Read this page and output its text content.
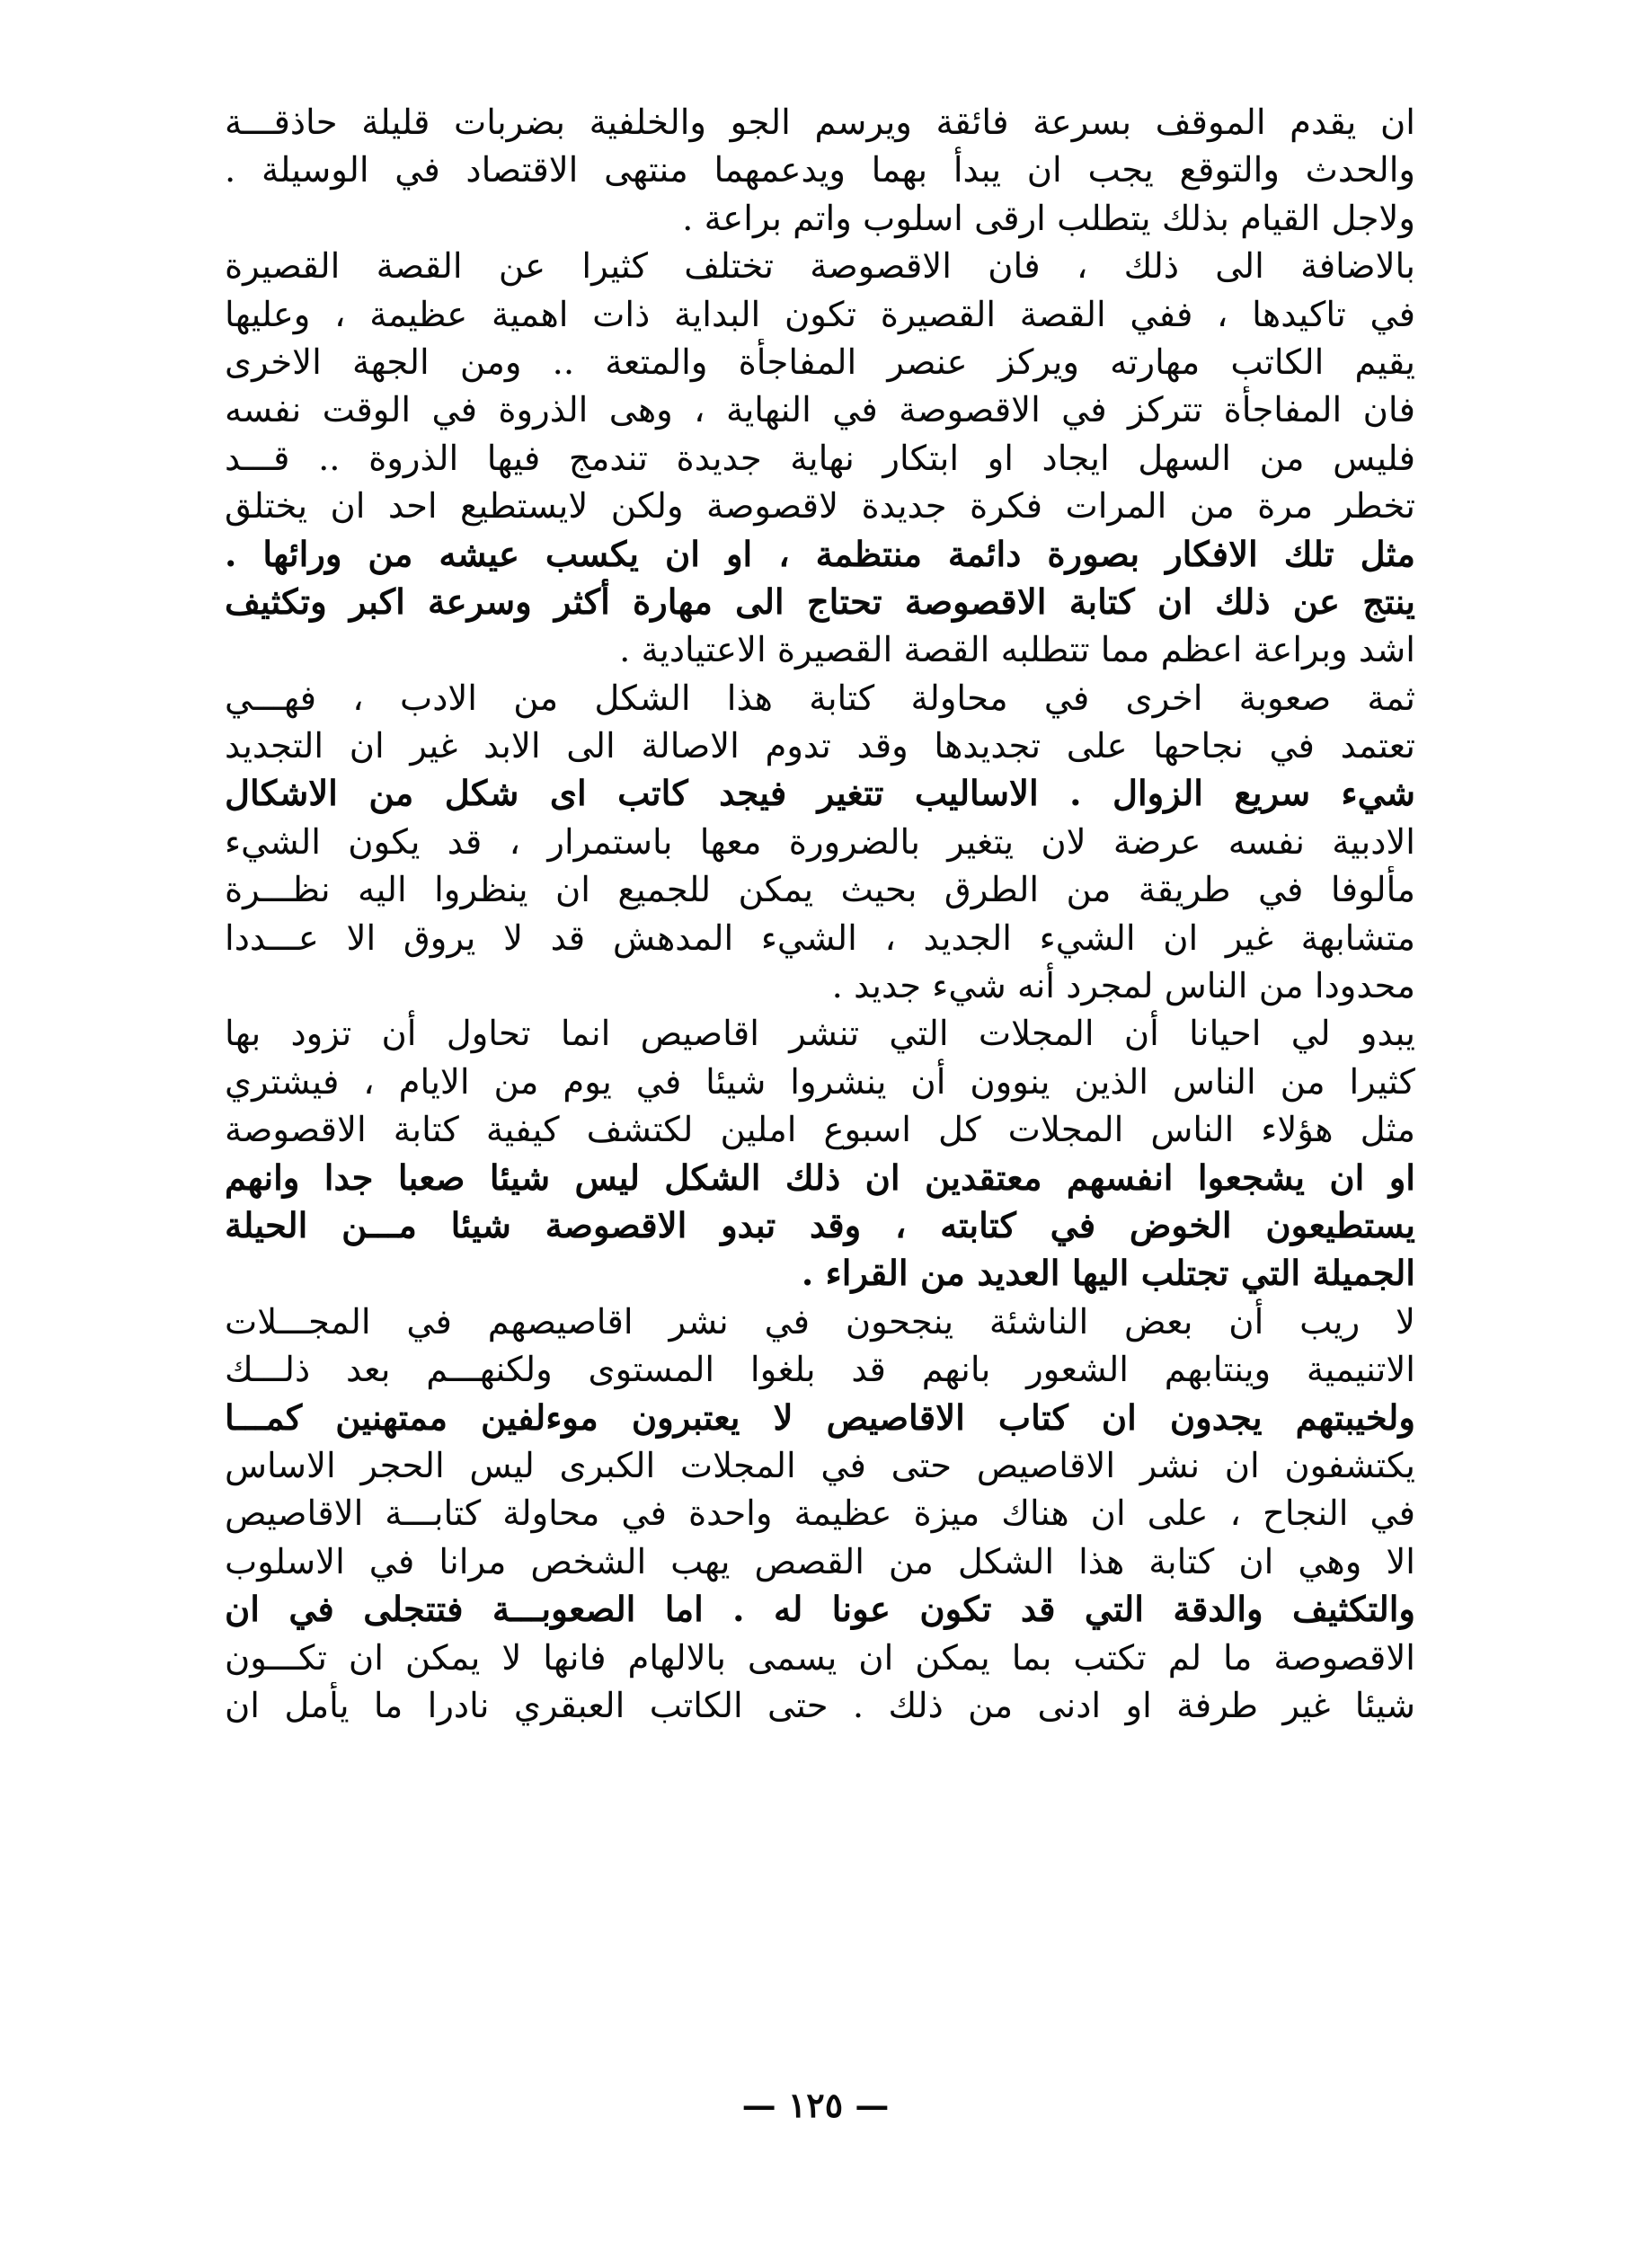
ان يقدم الموقف بسرعة فائقة ويرسم الجو والخلفية بضربات قليلة حاذقـــة
والحدث والتوقع يجب ان يبدأ بهما ويدعمهما منتهى الاقتصاد في الوسيلة .
ولاجل القيام بذلك يتطلب ارقى اسلوب واتم براعة .
بالاضافة الى ذلك ، فان الاقصوصة تختلف كثيرا عن القصة القصيرة
في تاكيدها ، ففي القصة القصيرة تكون البداية ذات اهمية عظيمة ، وعليها
يقيم الكاتب مهارته ويركز عنصر المفاجأة والمتعة .. ومن الجهة الاخرى
فان المفاجأة تتركز في الاقصوصة في النهاية ، وهى الذروة في الوقت نفسه
فليس من السهل ايجاد او ابتكار نهاية جديدة تندمج فيها الذروة .. قـــد
تخطر مرة من المرات فكرة جديدة لاقصوصة ولكن لايستطيع احد ان يختلق
مثل تلك الافكار بصورة دائمة منتظمة ، او ان يكسب عيشه من ورائها .
ينتج عن ذلك ان كتابة الاقصوصة تحتاج الى مهارة أكثر وسرعة اكبر وتكثيف
اشد وبراعة اعظم مما تتطلبه القصة القصيرة الاعتيادية .
ثمة صعوبة اخرى في محاولة كتابة هذا الشكل من الادب ، فهـــي
تعتمد في نجاحها على تجديدها وقد تدوم الاصالة الى الابد غير ان التجديد
شيء سريع الزوال . الاساليب تتغير فيجد كاتب اى شكل من الاشكال
الادبية نفسه عرضة لان يتغير بالضرورة معها باستمرار ، قد يكون الشيء
مألوفا في طريقة من الطرق بحيث يمكن للجميع ان ينظروا اليه نظـــرة
متشابهة غير ان الشيء الجديد ، الشيء المدهش قد لا يروق الا عـــددا
محدودا من الناس لمجرد أنه شيء جديد .
يبدو لي احيانا أن المجلات التي تنشر اقاصيص انما تحاول أن تزود بها
كثيرا من الناس الذين ينوون أن ينشروا شيئا في يوم من الايام ، فيشتري
مثل هؤلاء الناس المجلات كل اسبوع املين لكتشف كيفية كتابة الاقصوصة
او ان يشجعوا انفسهم معتقدين ان ذلك الشكل ليس شيئا صعبا جدا وانهم
يستطيعون الخوض في كتابته ، وقد تبدو الاقصوصة شيئا مـــن الحيلة
الجميلة التي تجتلب اليها العديد من القراء .
لا ريب أن بعض الناشئة ينجحون في نشر اقاصيصهم في المجـــلات
الاتنيمية وينتابهم الشعور بانهم قد بلغوا المستوى ولكنهـــم بعد ذلـــك
ولخيبتهم يجدون ان كتاب الاقاصيص لا يعتبرون موءلفين ممتهنين كمـــا
يكتشفون ان نشر الاقاصيص حتى في المجلات الكبرى ليس الحجر الاساس
في النجاح ، على ان هناك ميزة عظيمة واحدة في محاولة كتابـــة الاقاصيص
الا وهي ان كتابة هذا الشكل من القصص يهب الشخص مرانا في الاسلوب
والتكثيف والدقة التي قد تكون عونا له . اما الصعوبـــة فتتجلى في ان
الاقصوصة ما لم تكتب بما يمكن ان يسمى بالالهام فانها لا يمكن ان تكـــون
شيئا غير طرفة او ادنى من ذلك . حتى الكاتب العبقري نادرا ما يأمل ان
— ١٢٥ —
